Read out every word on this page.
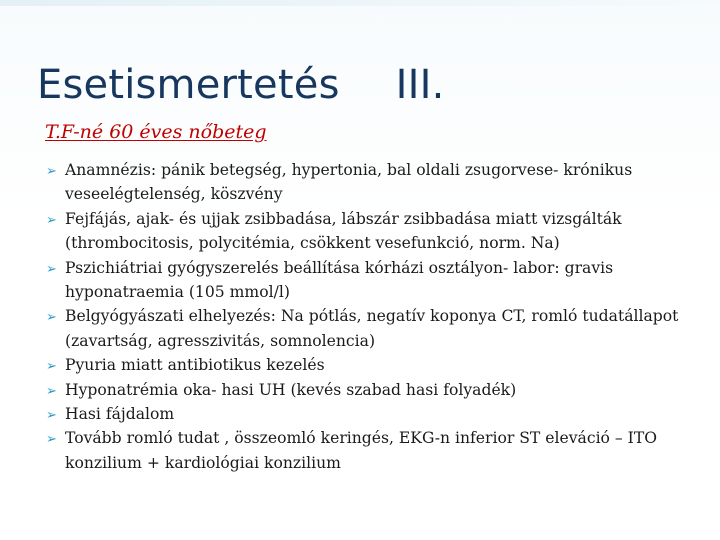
Esetismertetés III.
T.F-né 60 éves nőbeteg
➢ Anamnézis: pánik betegség, hypertonia, bal oldali zsugorvese- krónikus veseelégtelenség, köszvény
➢ Fejfájás, ajak- és ujjak zsibbadása, lábszár zsibbadása miatt vizsgálták (thrombocitosis, polycitémia, csökkent vesefunkció, norm. Na)
➢ Pszichiátriai gyógyszerelés beállítása kórházi osztályon- labor: gravis hyponatraemia (105 mmol/l)
➢ Belgyógyászati elhelyezés: Na pótlás, negatív koponya CT, romló tudatállapot (zavartság, agresszivitás, somnolencia)
➢ Pyuria miatt antibiotikus kezelés
➢ Hyponatrémia oka- hasi UH (kevés szabad hasi folyadék)
➢ Hasi fájdalom
➢ Tovább romló tudat , összeomló keringés, EKG-n inferior ST eleváció – ITO konzilium + kardiológiai konzilium
